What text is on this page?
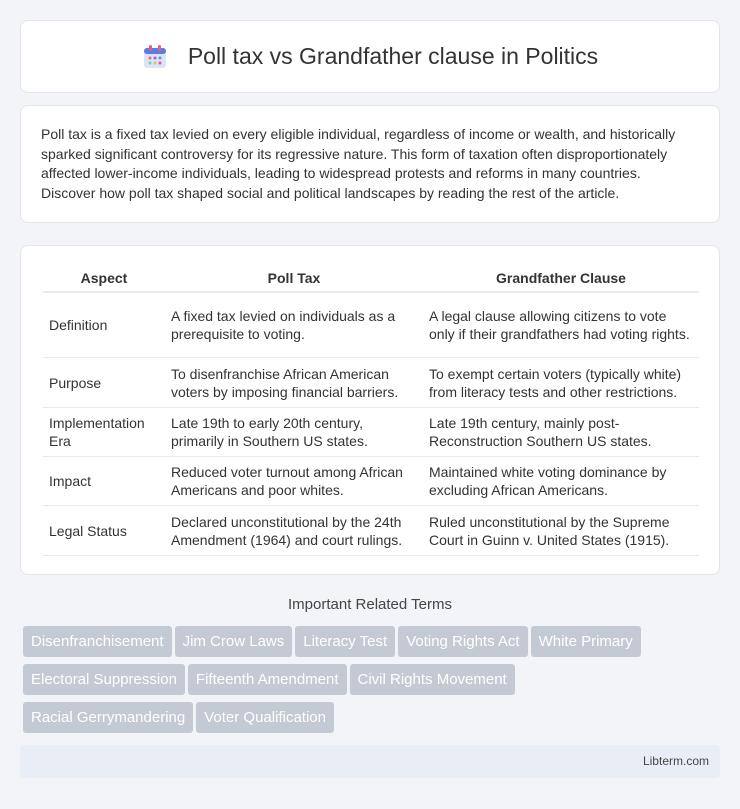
Poll tax vs Grandfather clause in Politics

Poll tax is a fixed tax levied on every eligible individual, regardless of income or wealth, and historically sparked significant controversy for its regressive nature. This form of taxation often disproportionately affected lower-income individuals, leading to widespread protests and reforms in many countries. Discover how poll tax shaped social and political landscapes by reading the rest of the article.

Aspect	Poll Tax	Grandfather Clause
Definition	A fixed tax levied on individuals as a prerequisite to voting.	A legal clause allowing citizens to vote only if their grandfathers had voting rights.
Purpose	To disenfranchise African American voters by imposing financial barriers.	To exempt certain voters (typically white) from literacy tests and other restrictions.
Implementation Era	Late 19th to early 20th century, primarily in Southern US states.	Late 19th century, mainly post-Reconstruction Southern US states.
Impact	Reduced voter turnout among African Americans and poor whites.	Maintained white voting dominance by excluding African Americans.
Legal Status	Declared unconstitutional by the 24th Amendment (1964) and court rulings.	Ruled unconstitutional by the Supreme Court in Guinn v. United States (1915).
Important Related Terms
Disenfranchisement Jim Crow Laws Literacy Test Voting Rights Act White Primary
Electoral Suppression Fifteenth Amendment Civil Rights Movement
Racial Gerrymandering Voter Qualification
Libterm.com
